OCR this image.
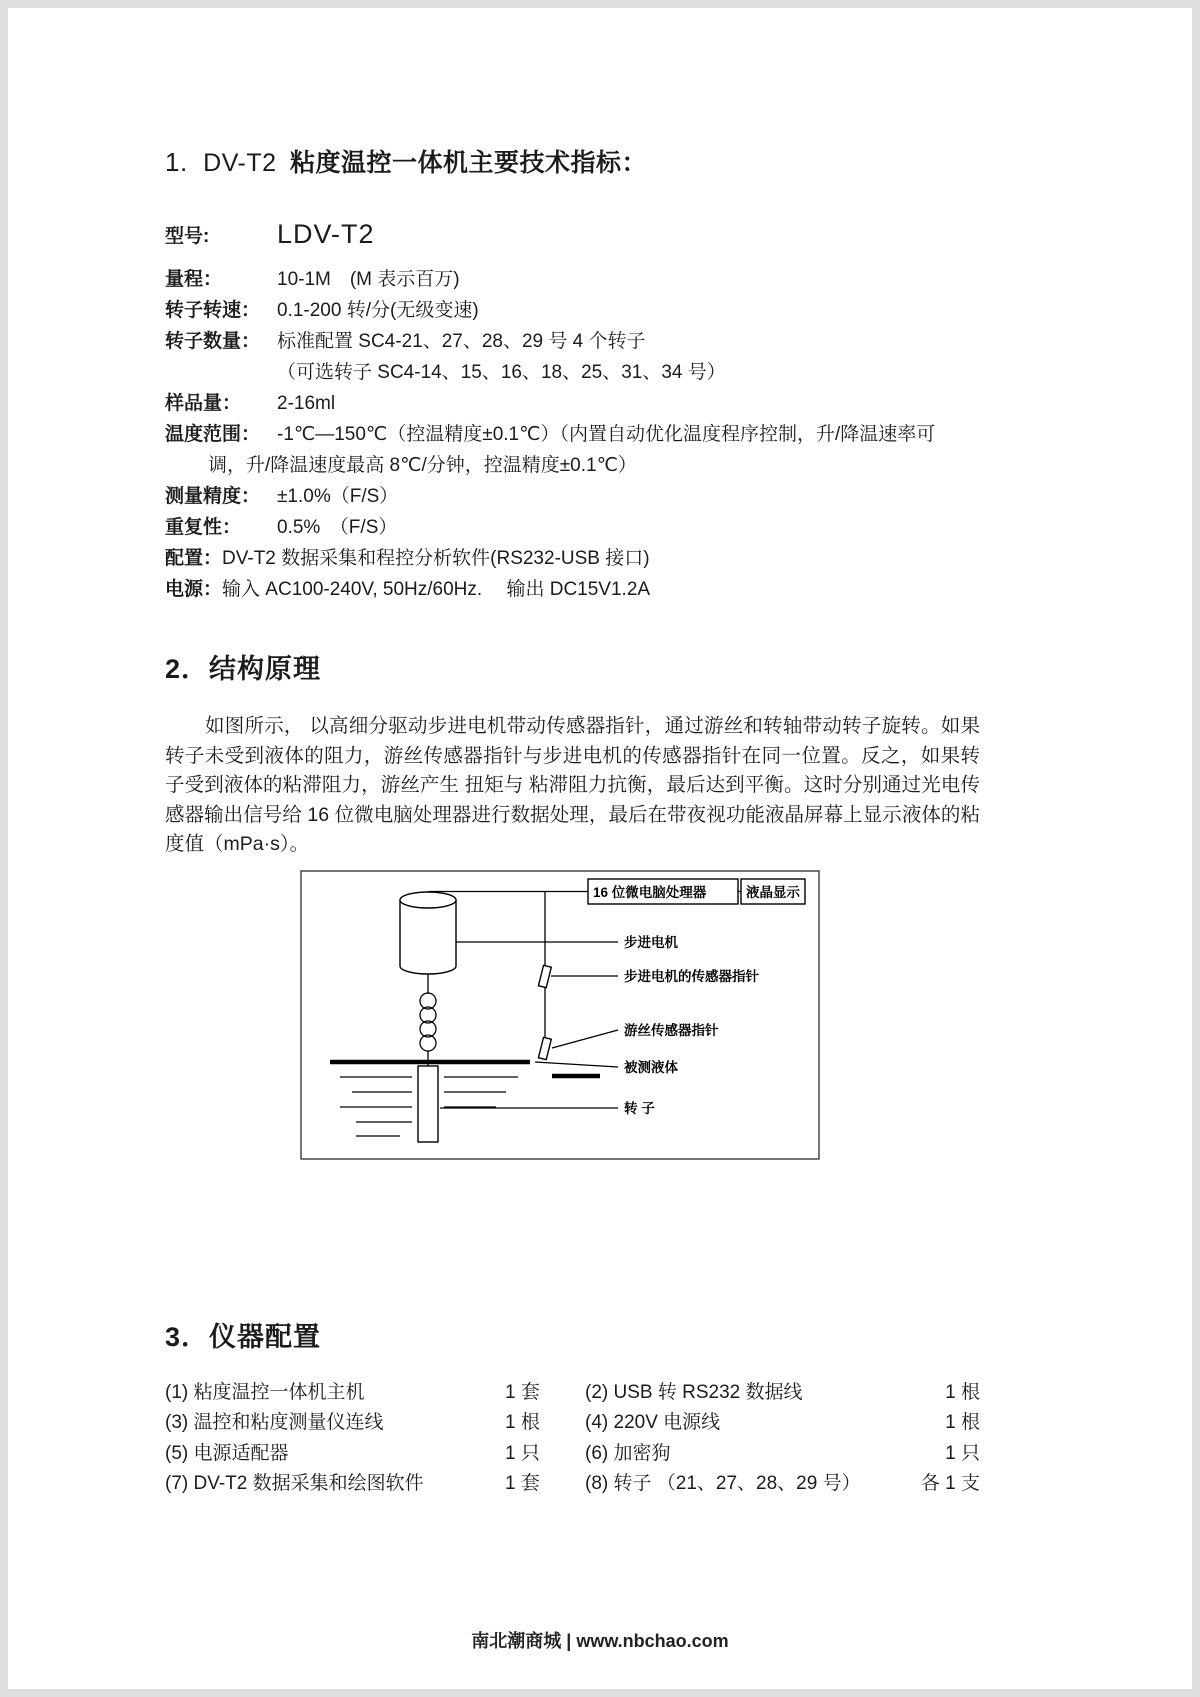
1. DV-T2 粘度温控一体机主要技术指标：
型号:	LDV-T2
量程：	10-1M　(M 表示百万)
转子转速： 0.1-200 转/分(无级变速)
转子数量： 标准配置 SC4-21、27、28、29 号 4 个转子
（可选转子 SC4-14、15、16、18、25、31、34 号）
样品量：	2-16ml
温度范围： -1℃—150℃（控温精度±0.1℃）（内置自动优化温度程序控制，升/降温速率可
调，升/降温速度最高 8℃/分钟，控温精度±0.1℃）
测量精度： ±1.0%（F/S）
重复性：	0.5%　（F/S）
配置： DV-T2 数据采集和程控分析软件(RS232-USB 接口)
电源： 输入 AC100-240V, 50Hz/60Hz.　 输出 DC15V1.2A
2．结构原理
如图所示， 以高细分驱动步进电机带动传感器指针，通过游丝和转轴带动转子旋转。如果转子未受到液体的阻力，游丝传感器指针与步进电机的传感器指针在同一位置。反之，如果转子受到液体的粘滞阻力，游丝产生 扭矩与 粘滞阻力抗衡，最后达到平衡。这时分别通过光电传感器输出信号给 16 位微电脑处理器进行数据处理，最后在带夜视功能液晶屏幕上显示液体的粘度值（mPa·s）。
16 位微电脑处理器	液晶显示
步进电机
步进电机的传感器指针
游丝传感器指针
被测液体
转 子
3．仪器配置
(1) 粘度温控一体机主机	1 套	(2) USB 转 RS232 数据线	1 根
(3) 温控和粘度测量仪连线	1 根	(4) 220V 电源线	1 根
(5) 电源适配器	1 只	(6) 加密狗	1 只
(7) DV-T2 数据采集和绘图软件	1 套	(8) 转子 （21、27、28、29 号）	各 1 支
南北潮商城 | www.nbchao.com
